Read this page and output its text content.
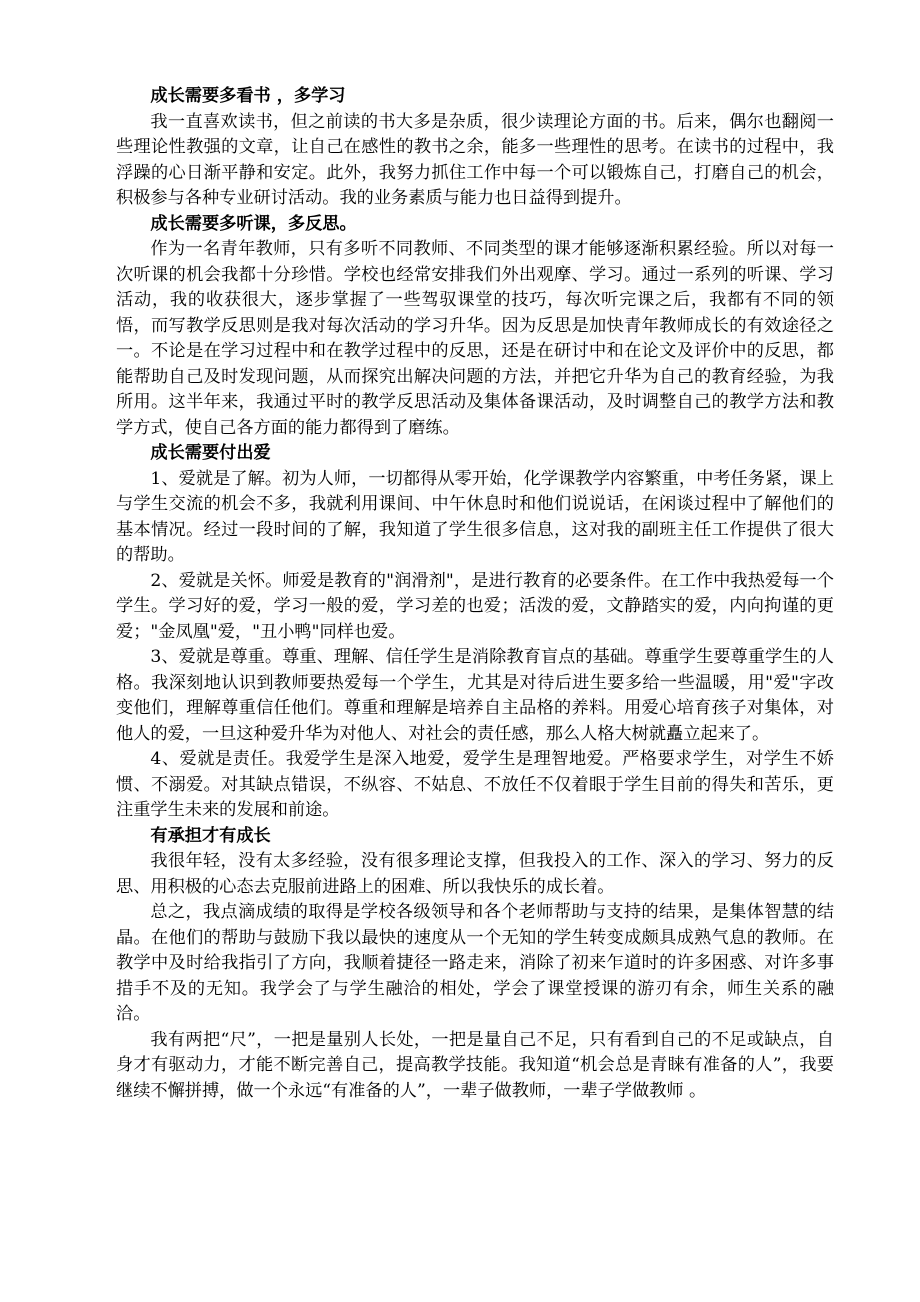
成长需要多看书 ，多学习

我一直喜欢读书，但之前读的书大多是杂质，很少读理论方面的书。后来，偶尔也翻阅一些理论性教强的文章，让自己在感性的教书之余，能多一些理性的思考。在读书的过程中，我浮躁的心日渐平静和安定。此外，我努力抓住工作中每一个可以锻炼自己，打磨自己的机会，积极参与各种专业研讨活动。我的业务素质与能力也日益得到提升。

成长需要多听课，多反思。

作为一名青年教师，只有多听不同教师、不同类型的课才能够逐渐积累经验。所以对每一次听课的机会我都十分珍惜。学校也经常安排我们外出观摩、学习。通过一系列的听课、学习活动，我的收获很大，逐步掌握了一些驾驭课堂的技巧，每次听完课之后，我都有不同的领悟，而写教学反思则是我对每次活动的学习升华。因为反思是加快青年教师成长的有效途径之一。不论是在学习过程中和在教学过程中的反思，还是在研讨中和在论文及评价中的反思，都能帮助自己及时发现问题，从而探究出解决问题的方法，并把它升华为自己的教育经验，为我所用。这半年来，我通过平时的教学反思活动及集体备课活动，及时调整自己的教学方法和教学方式，使自己各方面的能力都得到了磨练。

成长需要付出爱

1、爱就是了解。初为人师，一切都得从零开始，化学课教学内容繁重，中考任务紧，课上与学生交流的机会不多，我就利用课间、中午休息时和他们说说话，在闲谈过程中了解他们的基本情况。经过一段时间的了解，我知道了学生很多信息，这对我的副班主任工作提供了很大的帮助。

2、爱就是关怀。师爱是教育的"润滑剂"，是进行教育的必要条件。在工作中我热爱每一个学生。学习好的爱，学习一般的爱，学习差的也爱；活泼的爱，文静踏实的爱，内向拘谨的更爱；"金凤凰"爱，"丑小鸭"同样也爱。

3、爱就是尊重。尊重、理解、信任学生是消除教育盲点的基础。尊重学生要尊重学生的人格。我深刻地认识到教师要热爱每一个学生，尤其是对待后进生要多给一些温暖，用"爱"字改变他们，理解尊重信任他们。尊重和理解是培养自主品格的养料。用爱心培育孩子对集体，对他人的爱，一旦这种爱升华为对他人、对社会的责任感，那么人格大树就矗立起来了。

4、爱就是责任。我爱学生是深入地爱，爱学生是理智地爱。严格要求学生，对学生不娇惯、不溺爱。对其缺点错误，不纵容、不姑息、不放任不仅着眼于学生目前的得失和苦乐，更注重学生未来的发展和前途。

有承担才有成长

我很年轻，没有太多经验，没有很多理论支撑，但我投入的工作、深入的学习、努力的反思、用积极的心态去克服前进路上的困难、所以我快乐的成长着。

总之，我点滴成绩的取得是学校各级领导和各个老师帮助与支持的结果，是集体智慧的结晶。在他们的帮助与鼓励下我以最快的速度从一个无知的学生转变成颇具成熟气息的教师。在教学中及时给我指引了方向，我顺着捷径一路走来，消除了初来乍道时的许多困惑、对许多事措手不及的无知。我学会了与学生融洽的相处，学会了课堂授课的游刃有余，师生关系的融洽。

我有两把“尺”，一把是量别人长处，一把是量自己不足，只有看到自己的不足或缺点，自身才有驱动力，才能不断完善自己，提高教学技能。我知道“机会总是青睐有准备的人”，我要继续不懈拼搏，做一个永远“有准备的人”，一辈子做教师，一辈子学做教师 。
